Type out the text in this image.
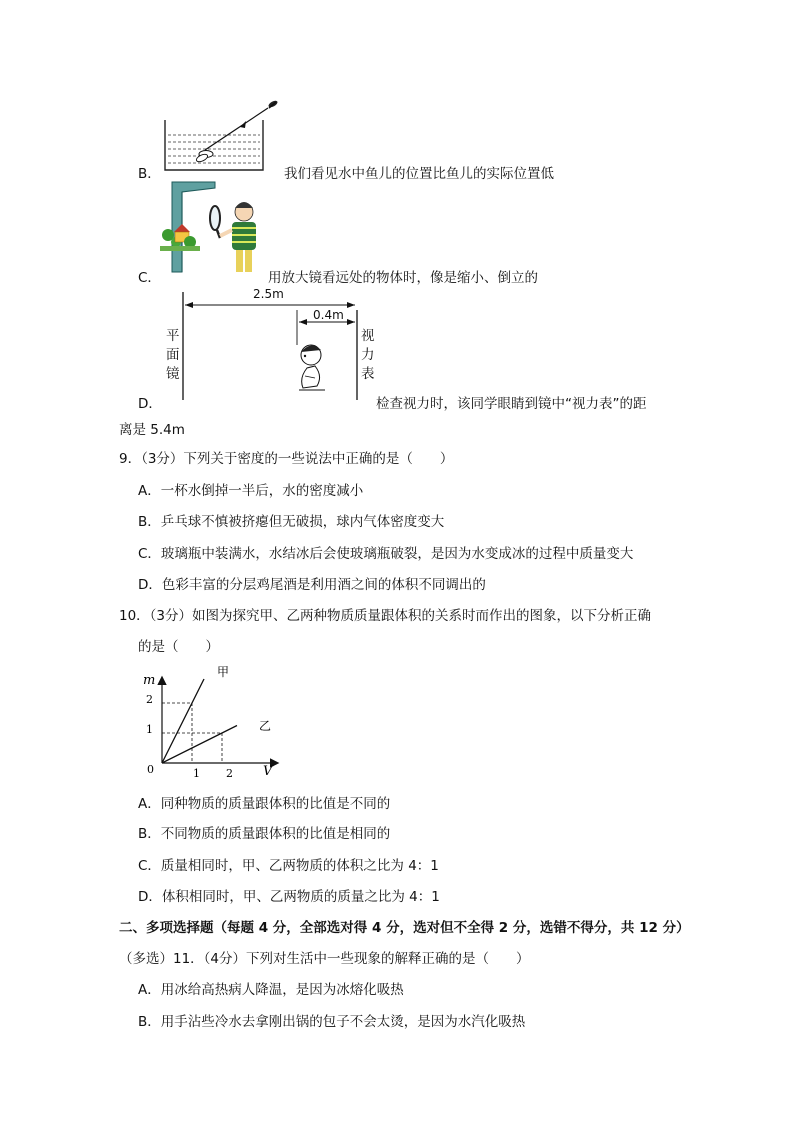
B．	我们看见水中鱼儿的位置比鱼儿的实际位置低
C．	用放大镜看远处的物体时，像是缩小、倒立的
2.5m
0.4m
平
面
镜
视
力
表
D．	检查视力时，该同学眼睛到镜中“视力表”的距
离是 5.4m
9．（3分）下列关于密度的一些说法中正确的是（　　）
A．一杯水倒掉一半后，水的密度减小
B．乒乓球不慎被挤瘪但无破损，球内气体密度变大
C．玻璃瓶中装满水，水结冰后会使玻璃瓶破裂，是因为水变成冰的过程中质量变大
D．色彩丰富的分层鸡尾酒是利用酒之间的体积不同调出的
10．（3分）如图为探究甲、乙两种物质质量跟体积的关系时而作出的图象，以下分析正确
的是（　　）
m
V
0	1 2
1
2
甲
乙
A．同种物质的质量跟体积的比值是不同的
B．不同物质的质量跟体积的比值是相同的
C．质量相同时，甲、乙两物质的体积之比为 4：1
D．体积相同时，甲、乙两物质的质量之比为 4：1
二、多项选择题（每题 4 分，全部选对得 4 分，选对但不全得 2 分，选错不得分，共 12 分）
（多选）11．（4分）下列对生活中一些现象的解释正确的是（　　）
A．用冰给高热病人降温，是因为冰熔化吸热
B．用手沾些冷水去拿刚出锅的包子不会太烫，是因为水汽化吸热
